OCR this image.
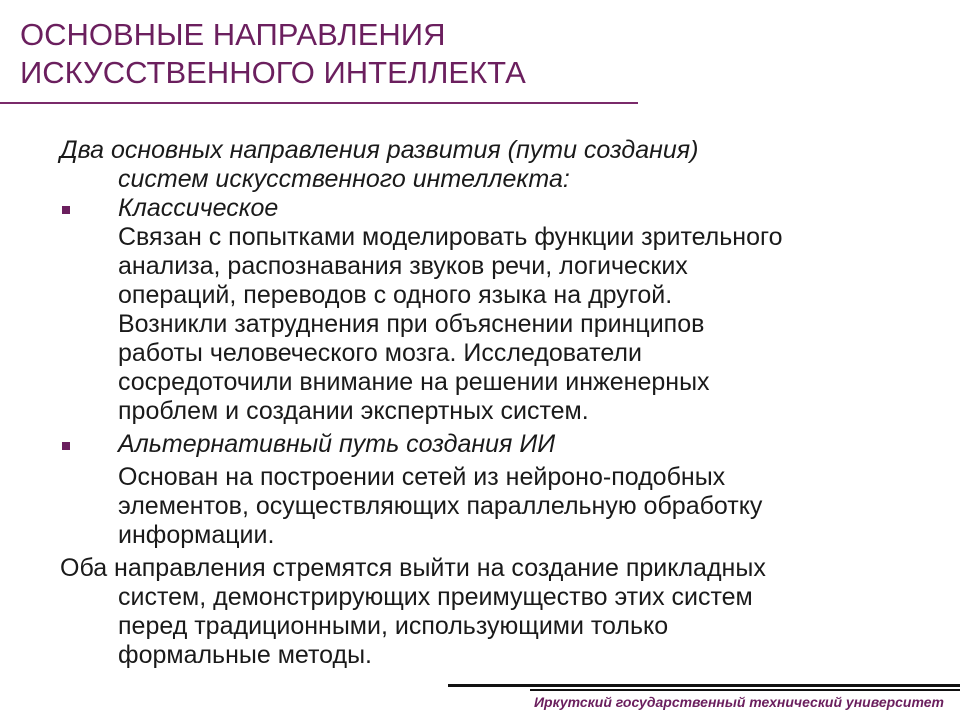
ОСНОВНЫЕ НАПРАВЛЕНИЯ
ИСКУССТВЕННОГО ИНТЕЛЛЕКТА
Два основных направления развития (пути создания)
систем искусственного интеллекта:
Классическое
Связан с попытками моделировать функции зрительного
анализа, распознавания звуков речи, логических
операций, переводов с одного языка на другой.
Возникли затруднения при объяснении принципов
работы человеческого мозга. Исследователи
сосредоточили внимание на решении инженерных
проблем и создании экспертных систем.
Альтернативный путь создания ИИ
Основан на построении сетей из нейроно-подобных
элементов, осуществляющих параллельную обработку
информации.
Оба направления стремятся выйти на создание прикладных
систем, демонстрирующих преимущество этих систем
перед традиционными, использующими только
формальные методы.
Иркутский государственный технический университет
